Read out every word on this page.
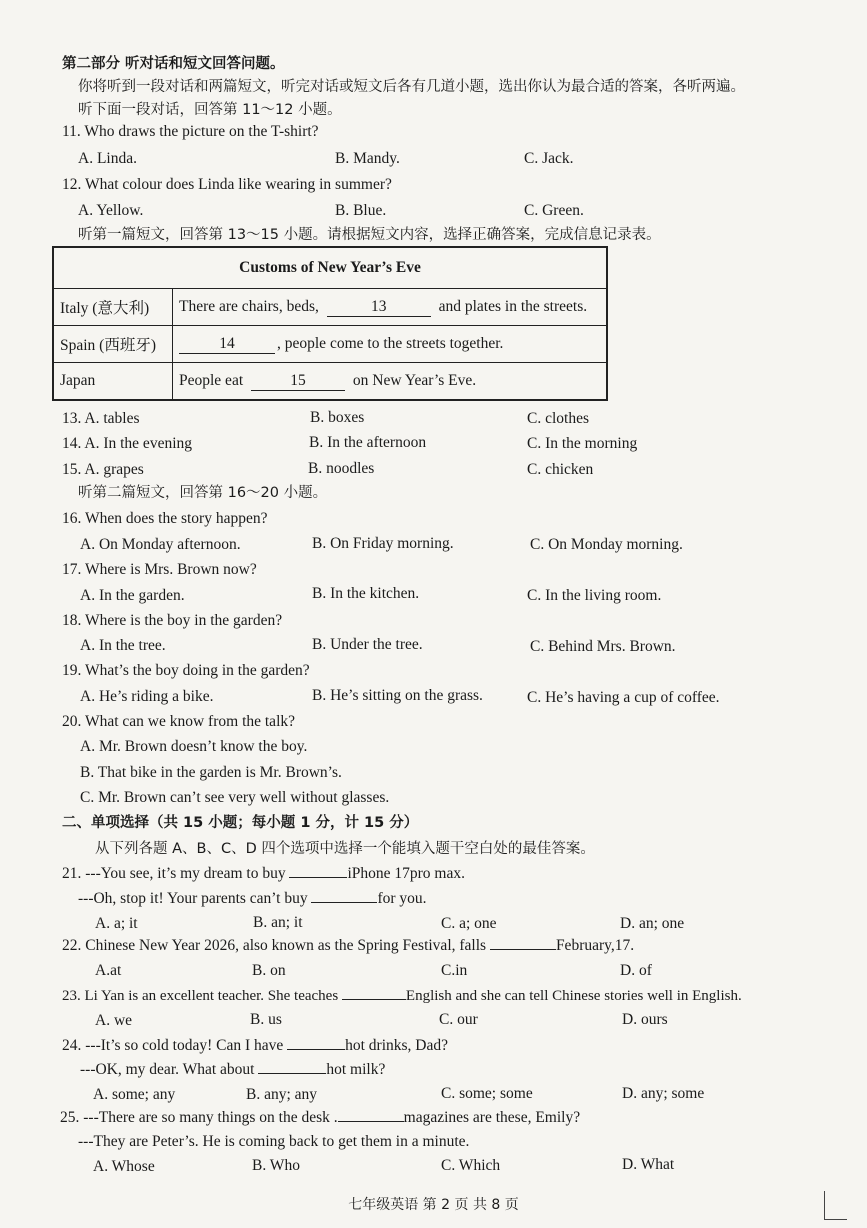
第二部分 听对话和短文回答问题。
你将听到一段对话和两篇短文，听完对话或短文后各有几道小题，选出你认为最合适的答案，各听两遍。
听下面一段对话，回答第 11～12 小题。
11. Who draws the picture on the T-shirt?
A. Linda.	B. Mandy.	C. Jack.
12. What colour does Linda like wearing in summer?
A. Yellow.	B. Blue.	C. Green.
听第一篇短文，回答第 13～15 小题。请根据短文内容，选择正确答案，完成信息记录表。
Customs of New Year’s Eve	
Italy (意大利)	There are chairs, beds, 13 and plates in the streets.
Spain (西班牙)	14 , people come to the streets together.
Japan	People eat 15 on New Year’s Eve.
13. A. tables	B. boxes	C. clothes
14. A. In the evening	B. In the afternoon	C. In the morning
15. A. grapes	B. noodles	C. chicken
听第二篇短文，回答第 16～20 小题。
16. When does the story happen?
A. On Monday afternoon.	B. On Friday morning.	C. On Monday morning.
17. Where is Mrs. Brown now?
A. In the garden.	B. In the kitchen.	C. In the living room.
18. Where is the boy in the garden?
A. In the tree.	B. Under the tree.	C. Behind Mrs. Brown.
19. What’s the boy doing in the garden?
A. He’s riding a bike.	B. He’s sitting on the grass.	C. He’s having a cup of coffee.
20. What can we know from the talk?
A. Mr. Brown doesn’t know the boy.
B. That bike in the garden is Mr. Brown’s.
C. Mr. Brown can’t see very well without glasses.
二、单项选择（共 15 小题；每小题 1 分，计 15 分）
从下列各题 A、B、C、D 四个选项中选择一个能填入题干空白处的最佳答案。
21. ---You see, it’s my dream to buy	iPhone 17pro max.
---Oh, stop it! Your parents can’t buy	for you.
A. a; it	B. an; it	C. a; one	D. an; one
22. Chinese New Year 2026, also known as the Spring Festival, falls	February,17.
A.at	B. on	C.in	D. of
23. Li Yan is an excellent teacher. She teaches	English and she can tell Chinese stories well in English.
A. we	B. us	C. our	D. ours
24. ---It’s so cold today! Can I have	hot drinks, Dad?
---OK, my dear. What about	hot milk?
A. some; any	B. any; any	C. some; some	D. any; some
25. ---There are so many things on the desk .	magazines are these, Emily?
---They are Peter’s. He is coming back to get them in a minute.
A. Whose	B. Who	C. Which	D. What
七年级英语 第 2 页 共 8 页
